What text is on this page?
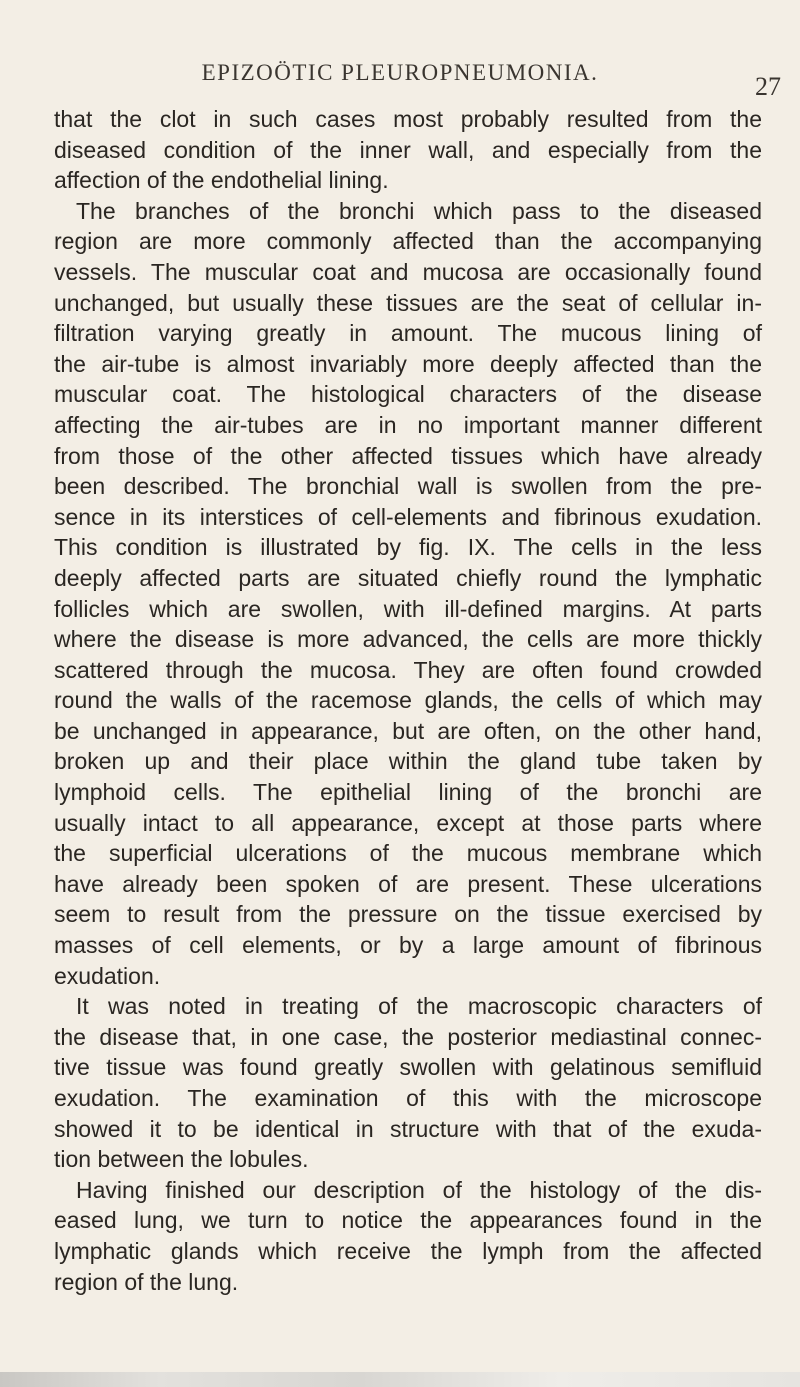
EPIZOÖTIC PLEUROPNEUMONIA.	27
that the clot in such cases most probably resulted from the
diseased condition of the inner wall, and especially from the
affection of the endothelial lining.
The branches of the bronchi which pass to the diseased
region are more commonly affected than the accompanying
vessels. The muscular coat and mucosa are occasionally found
unchanged, but usually these tissues are the seat of cellular in-
filtration varying greatly in amount. The mucous lining of
the air-tube is almost invariably more deeply affected than the
muscular coat. The histological characters of the disease
affecting the air-tubes are in no important manner different
from those of the other affected tissues which have already
been described. The bronchial wall is swollen from the pre-
sence in its interstices of cell-elements and fibrinous exudation.
This condition is illustrated by fig. IX. The cells in the less
deeply affected parts are situated chiefly round the lymphatic
follicles which are swollen, with ill-defined margins. At parts
where the disease is more advanced, the cells are more thickly
scattered through the mucosa. They are often found crowded
round the walls of the racemose glands, the cells of which may
be unchanged in appearance, but are often, on the other hand,
broken up and their place within the gland tube taken by
lymphoid cells. The epithelial lining of the bronchi are
usually intact to all appearance, except at those parts where
the superficial ulcerations of the mucous membrane which
have already been spoken of are present. These ulcerations
seem to result from the pressure on the tissue exercised by
masses of cell elements, or by a large amount of fibrinous
exudation.
It was noted in treating of the macroscopic characters of
the disease that, in one case, the posterior mediastinal connec-
tive tissue was found greatly swollen with gelatinous semifluid
exudation. The examination of this with the microscope
showed it to be identical in structure with that of the exuda-
tion between the lobules.
Having finished our description of the histology of the dis-
eased lung, we turn to notice the appearances found in the
lymphatic glands which receive the lymph from the affected
region of the lung.
